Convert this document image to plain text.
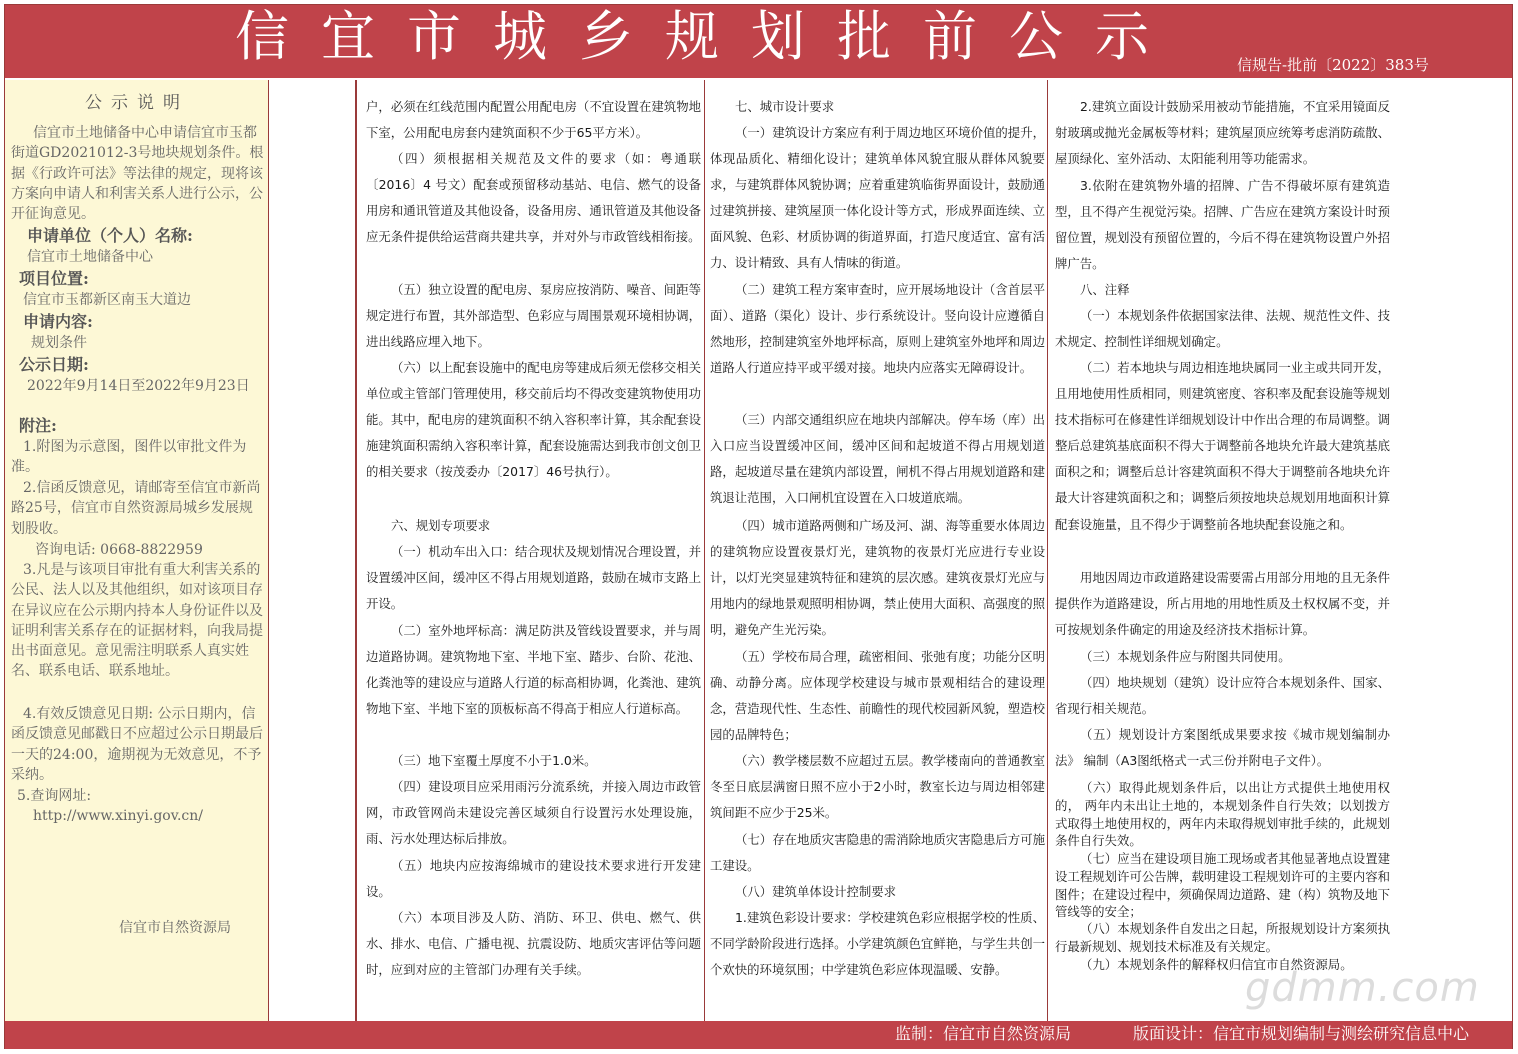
信宜市城乡规划批前公示	信规告-批前〔2022〕383号
公示说明
信宜市土地储备中心申请信宜市玉都街道GD2021012-3号地块规划条件。根据《行政许可法》等法律的规定，现将该方案向申请人和利害关系人进行公示，公开征询意见。
申请单位（个人）名称:
信宜市土地储备中心
项目位置:
信宜市玉都新区南玉大道边
申请内容:
规划条件
公示日期:
2022年9月14日至2022年9月23日
附注:
1.附图为示意图，图件以审批文件为准。
2.信函反馈意见，请邮寄至信宜市新尚路25号，信宜市自然资源局城乡发展规划股收。
咨询电话: 0668-8822959
3.凡是与该项目审批有重大利害关系的公民、法人以及其他组织，如对该项目存在异议应在公示期内持本人身份证件以及证明利害关系存在的证据材料，向我局提出书面意见。意见需注明联系人真实姓名、联系电话、联系地址。
4.有效反馈意见日期: 公示日期内，信函反馈意见邮戳日不应超过公示日期最后一天的24:00，逾期视为无效意见，不予采纳。
5.查询网址:
http://www.xinyi.gov.cn/
信宜市自然资源局
户，必须在红线范围内配置公用配电房（不宜设置在建筑物地下室，公用配电房套内建筑面积不少于65平方米）。
（四）须根据相关规范及文件的要求（如：粤通联〔2016〕4 号文）配套或预留移动基站、电信、燃气的设备用房和通讯管道及其他设备，设备用房、通讯管道及其他设备应无条件提供给运营商共建共享，并对外与市政管线相衔接。
（五）独立设置的配电房、泵房应按消防、噪音、间距等规定进行布置，其外部造型、色彩应与周围景观环境相协调，进出线路应埋入地下。
（六）以上配套设施中的配电房等建成后须无偿移交相关单位或主管部门管理使用，移交前后均不得改变建筑物使用功能。其中，配电房的建筑面积不纳入容积率计算，其余配套设施建筑面积需纳入容积率计算，配套设施需达到我市创文创卫的相关要求（按茂委办〔2017〕46号执行）。
六、规划专项要求
（一）机动车出入口：结合现状及规划情况合理设置，并设置缓冲区间，缓冲区不得占用规划道路，鼓励在城市支路上开设。
（二）室外地坪标高：满足防洪及管线设置要求，并与周边道路协调。建筑物地下室、半地下室、踏步、台阶、花池、化粪池等的建设应与道路人行道的标高相协调，化粪池、建筑物地下室、半地下室的顶板标高不得高于相应人行道标高。
（三）地下室覆土厚度不小于1.0米。
（四）建设项目应采用雨污分流系统，并接入周边市政管网，市政管网尚未建设完善区域须自行设置污水处理设施，雨、污水处理达标后排放。
（五）地块内应按海绵城市的建设技术要求进行开发建设。
（六）本项目涉及人防、消防、环卫、供电、燃气、供水、排水、电信、广播电视、抗震设防、地质灾害评估等问题时，应到对应的主管部门办理有关手续。
七、城市设计要求
（一）建筑设计方案应有利于周边地区环境价值的提升，体现品质化、精细化设计；建筑单体风貌宜服从群体风貌要求，与建筑群体风貌协调；应着重建筑临街界面设计，鼓励通过建筑拼接、建筑屋顶一体化设计等方式，形成界面连续、立面风貌、色彩、材质协调的街道界面，打造尺度适宜、富有活力、设计精致、具有人情味的街道。
（二）建筑工程方案审查时，应开展场地设计（含首层平面）、道路（渠化）设计、步行系统设计。竖向设计应遵循自然地形，控制建筑室外地坪标高，原则上建筑室外地坪和周边道路人行道应持平或平缓对接。地块内应落实无障碍设计。
（三）内部交通组织应在地块内部解决。停车场（库）出入口应当设置缓冲区间，缓冲区间和起坡道不得占用规划道路，起坡道尽量在建筑内部设置，闸机不得占用规划道路和建筑退让范围，入口闸机宜设置在入口坡道底端。
（四）城市道路两侧和广场及河、湖、海等重要水体周边的建筑物应设置夜景灯光，建筑物的夜景灯光应进行专业设计，以灯光突显建筑特征和建筑的层次感。建筑夜景灯光应与用地内的绿地景观照明相协调，禁止使用大面积、高强度的照明，避免产生光污染。
（五）学校布局合理，疏密相间、张弛有度；功能分区明确、动静分离。应体现学校建设与城市景观相结合的建设理念，营造现代性、生态性、前瞻性的现代校园新风貌，塑造校园的品牌特色；
（六）教学楼层数不应超过五层。教学楼南向的普通教室冬至日底层满窗日照不应小于2小时，教室长边与周边相邻建筑间距不应少于25米。
（七）存在地质灾害隐患的需消除地质灾害隐患后方可施工建设。
（八）建筑单体设计控制要求
1.建筑色彩设计要求：学校建筑色彩应根据学校的性质、不同学龄阶段进行选择。小学建筑颜色宜鲜艳，与学生共创一个欢快的环境氛围；中学建筑色彩应体现温暖、安静。
2.建筑立面设计鼓励采用被动节能措施，不宜采用镜面反射玻璃或抛光金属板等材料；建筑屋顶应统筹考虑消防疏散、屋顶绿化、室外活动、太阳能利用等功能需求。
3.依附在建筑物外墙的招牌、广告不得破坏原有建筑造型，且不得产生视觉污染。招牌、广告应在建筑方案设计时预留位置，规划没有预留位置的，今后不得在建筑物设置户外招牌广告。
八、注释
（一）本规划条件依据国家法律、法规、规范性文件、技术规定、控制性详细规划确定。
（二）若本地块与周边相连地块属同一业主或共同开发，且用地使用性质相同，则建筑密度、容积率及配套设施等规划技术指标可在修建性详细规划设计中作出合理的布局调整。调整后总建筑基底面积不得大于调整前各地块允许最大建筑基底面积之和；调整后总计容建筑面积不得大于调整前各地块允许最大计容建筑面积之和；调整后须按地块总规划用地面积计算配套设施量，且不得少于调整前各地块配套设施之和。
用地因周边市政道路建设需要需占用部分用地的且无条件提供作为道路建设，所占用地的用地性质及土权权属不变，并可按规划条件确定的用途及经济技术指标计算。
（三）本规划条件应与附图共同使用。
（四）地块规划（建筑）设计应符合本规划条件、国家、省现行相关规范。
（五）规划设计方案图纸成果要求按《城市规划编制办法》 编制（A3图纸格式一式三份并附电子文件）。
（六）取得此规划条件后，以出让方式提供土地使用权的， 两年内未出让土地的，本规划条件自行失效；以划拨方式取得土地使用权的，两年内未取得规划审批手续的，此规划条件自行失效。
（七）应当在建设项目施工现场或者其他显著地点设置建设工程规划许可公告牌，载明建设工程规划许可的主要内容和图件；在建设过程中，须确保周边道路、建（构）筑物及地下管线等的安全；
（八）本规划条件自发出之日起，所报规划设计方案须执行最新规划、规划技术标准及有关规定。
（九）本规划条件的解释权归信宜市自然资源局。
gdmm.com
监制：信宜市自然资源局	版面设计：信宜市规划编制与测绘研究信息中心
